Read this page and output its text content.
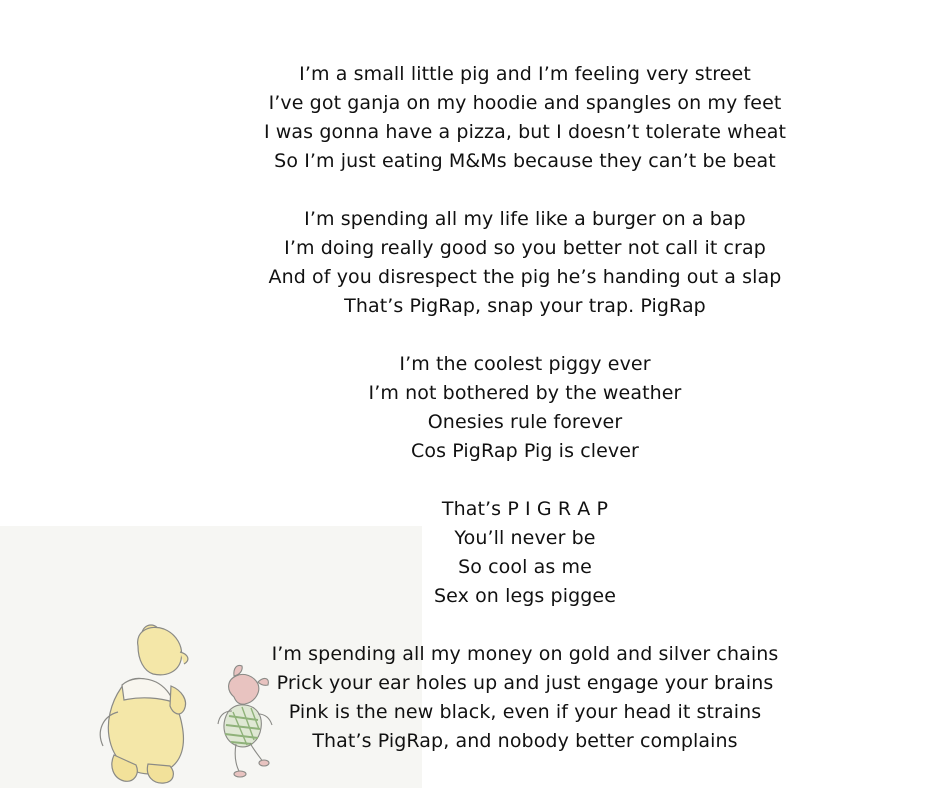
I’m a small little pig and I’m feeling very street
I’ve got ganja on my hoodie and spangles on my feet
I was gonna have a pizza, but I doesn’t tolerate wheat
So I’m just eating M&Ms because they can’t be beat
I’m spending all my life like a burger on a bap
I’m doing really good so you better not call it crap
And of you disrespect the pig he’s handing out a slap
That’s PigRap, snap your trap. PigRap
I’m the coolest piggy ever
I’m not bothered by the weather
Onesies rule forever
Cos PigRap Pig is clever
That’s P I G R A P
You’ll never be
So cool as me
Sex on legs piggee
I’m spending all my money on gold and silver chains
Prick your ear holes up and just engage your brains
Pink is the new black, even if your head it strains
That’s PigRap, and nobody better complains
